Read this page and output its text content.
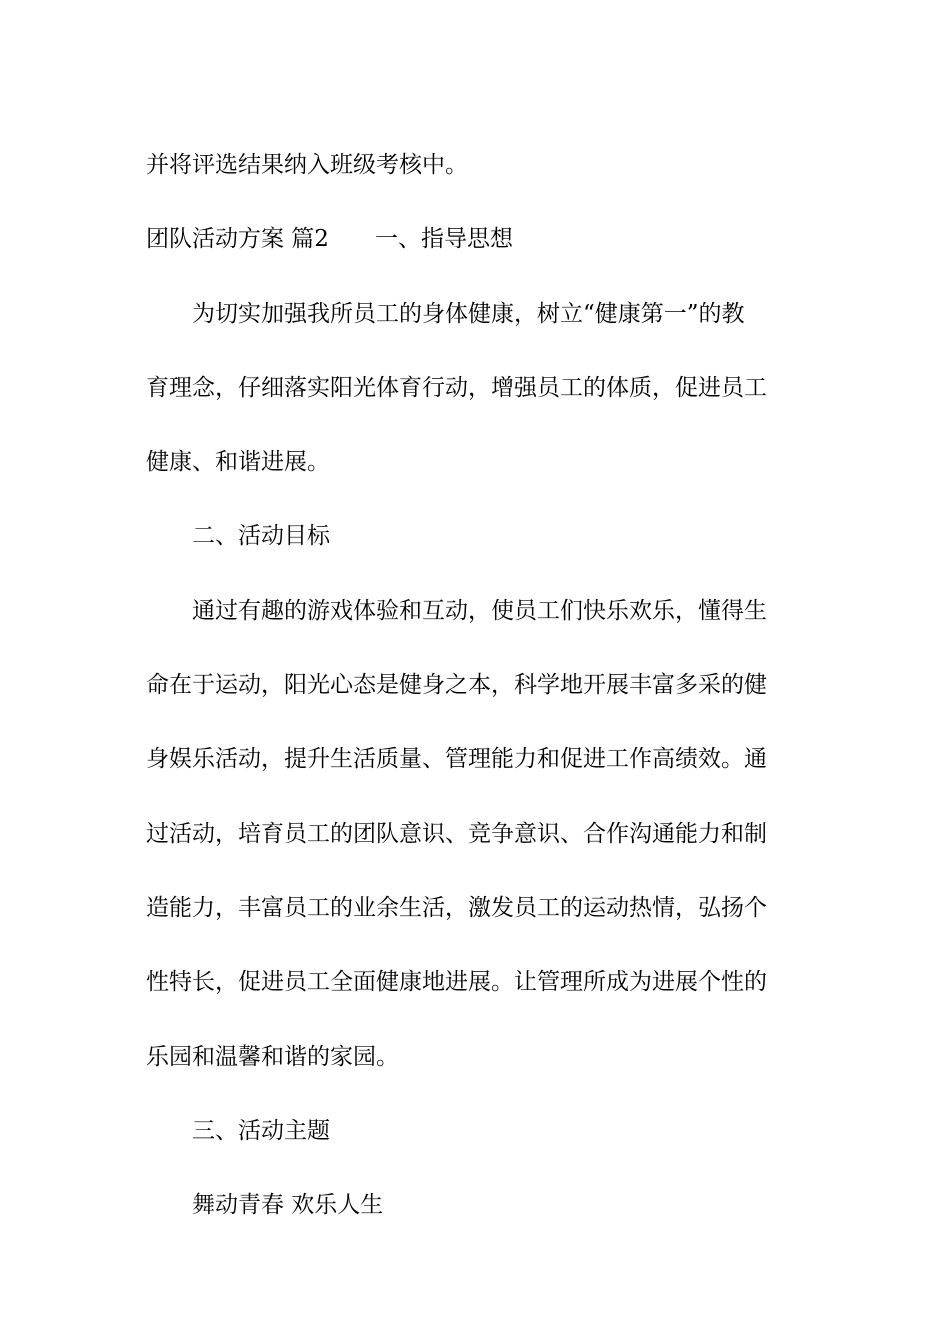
并将评选结果纳入班级考核中。
团队活动方案 篇2 一、指导思想
为切实加强我所员工的身体健康，树立“健康第一”的教
育理念，仔细落实阳光体育行动，增强员工的体质，促进员工
健康、和谐进展。
二、活动目标
通过有趣的游戏体验和互动，使员工们快乐欢乐，懂得生
命在于运动，阳光心态是健身之本，科学地开展丰富多采的健
身娱乐活动，提升生活质量、管理能力和促进工作高绩效。通
过活动，培育员工的团队意识、竞争意识、合作沟通能力和制
造能力，丰富员工的业余生活，激发员工的运动热情，弘扬个
性特长，促进员工全面健康地进展。让管理所成为进展个性的
乐园和温馨和谐的家园。
三、活动主题
舞动青春 欢乐人生
